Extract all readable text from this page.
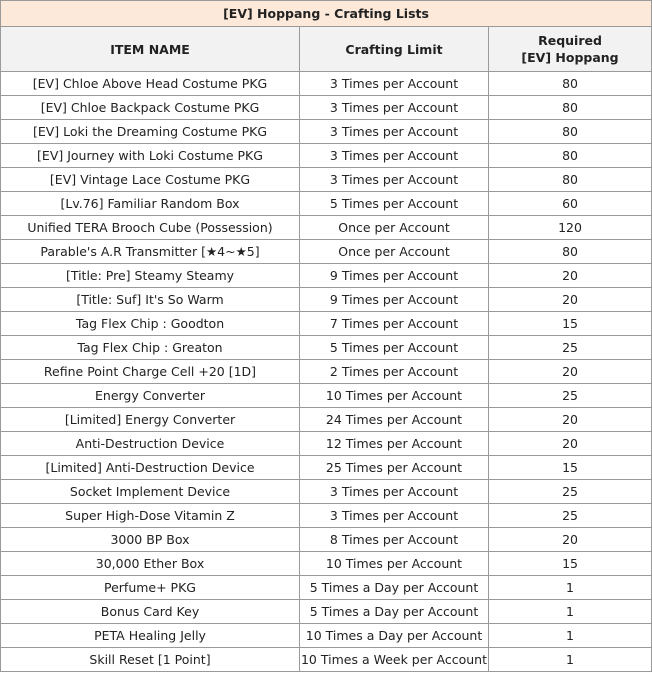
[EV] Hoppang - Crafting Lists		
ITEM NAME	Crafting Limit	Required
[EV] Hoppang

[EV] Chloe Above Head Costume PKG	3 Times per Account	80
[EV] Chloe Backpack Costume PKG	3 Times per Account	80
[EV] Loki the Dreaming Costume PKG	3 Times per Account	80
[EV] Journey with Loki Costume PKG	3 Times per Account	80
[EV] Vintage Lace Costume PKG	3 Times per Account	80
[Lv.76] Familiar Random Box	5 Times per Account	60
Unified TERA Brooch Cube (Possession)	Once per Account	120
Parable's A.R Transmitter [★4~★5]	Once per Account	80
[Title: Pre] Steamy Steamy	9 Times per Account	20
[Title: Suf] It's So Warm	9 Times per Account	20
Tag Flex Chip : Goodton	7 Times per Account	15
Tag Flex Chip : Greaton	5 Times per Account	25
Refine Point Charge Cell +20 [1D]	2 Times per Account	20
Energy Converter	10 Times per Account	25
[Limited] Energy Converter	24 Times per Account	20
Anti-Destruction Device	12 Times per Account	20
[Limited] Anti-Destruction Device	25 Times per Account	15
Socket Implement Device	3 Times per Account	25
Super High-Dose Vitamin Z	3 Times per Account	25
3000 BP Box	8 Times per Account	20
30,000 Ether Box	10 Times per Account	15
Perfume+ PKG	5 Times a Day per Account	1
Bonus Card Key	5 Times a Day per Account	1
PETA Healing Jelly	10 Times a Day per Account	1
Skill Reset [1 Point]	10 Times a Week per Account	1
